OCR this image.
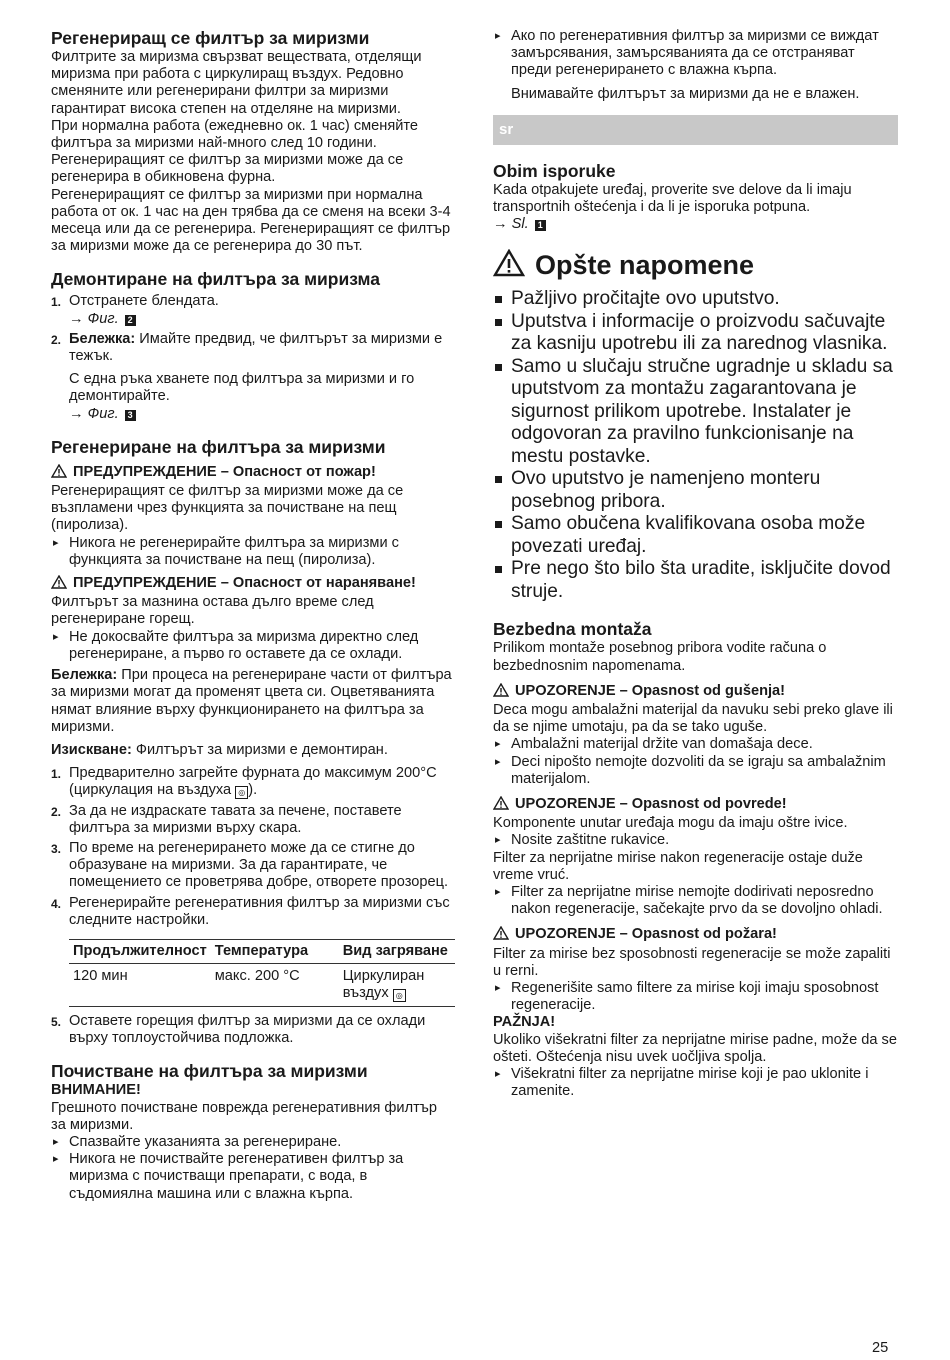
Регенериращ се филтър за миризми

Филтрите за миризма свързват веществата, отделящи миризма при работа с циркулиращ въздух. Редовно сменяните или регенерирани филтри за миризми гарантират висока степен на отделяне на миризми.

При нормална работа (ежедневно ок. 1 час) сменяйте филтъра за миризми най-много след 10 години.

Регенериращият се филтър за миризми може да се регенерира в обикновена фурна.

Регенериращият се филтър за миризми при нормална работа от ок. 1 час на ден трябва да се сменя на всеки 3-4 месеца или да се регенерира. Регенериращият се филтър за миризми може да се регенерира до 30 път.

Демонтиране на филтъра за миризма
1. Отстранете блендата.
→ Фиг. 2
2. Бележка: Имайте предвид, че филтърът за миризми е тежък.

С една ръка хванете под филтъра за миризми и го демонтирайте.

→ Фиг. 3
Регенериране на филтъра за миризми
ПРЕДУПРЕЖДЕНИЕ – Опасност от пожар!

Регенериращият се филтър за миризми може да се възпламени чрез функцията за почистване на пещ (пиролиза).

▸ Никога не регенерирайте филтъра за миризми с функцията за почистване на пещ (пиролиза).
ПРЕДУПРЕЖДЕНИЕ – Опасност от нараняване!

Филтърът за мазнина остава дълго време след регенериране горещ.

▸ Не докосвайте филтъра за миризма директно след регенериране, а първо го оставете да се охлади.

Бележка: При процеса на регенериране части от филтъра за миризми могат да променят цвета си. Оцветяванията нямат влияние върху функционирането на филтъра за миризми.

Изискване: Филтърът за миризми е демонтиран.

1. Предварително загрейте фурната до максимум 200°C (циркулация на въздуха ◎ ).
2. За да не издраскате тавата за печене, поставете филтъра за миризми върху скара.
3. По време на регенерирането може да се стигне до образуване на миризми. За да гарантирате, че помещението се проветрява добре, отворете прозорец.
4. Регенерирайте регенеративния филтър за миризми със следните настройки.
Продължителност	Температура	Вид загряване
120 мин	макс. 200 °C	Циркулиран въздух ◎
5. Оставете горещия филтър за миризми да се охлади върху топлоустойчива подложка.
Почистване на филтъра за миризми

ВНИМАНИЕ!

Грешното почистване поврежда регенеративния филтър за миризми.

▸ Спазвайте указанията за регенериране.
▸ Никога не почиствайте регенеративен филтър за миризма с почистващи препарати, с вода, в съдомиялна машина или с влажна кърпа.
▸ Ако по регенеративния филтър за миризми се виждат замърсявания, замърсяванията да се отстраняват преди регенерирането с влажна кърпа.

Внимавайте филтърът за миризми да не е влажен.

sr
Obim isporuke

Kada otpakujete uređaj, proverite sve delove da li imaju transportnih oštećenja i da li je isporuka potpuna.

→ Sl. 1

Opšte napomene
Pažljivo pročitajte ovo uputstvo.
Uputstva i informacije o proizvodu sačuvajte za kasniju upotrebu ili za narednog vlasnika.
Samo u slučaju stručne ugradnje u skladu sa uputstvom za montažu zagarantovana je sigurnost prilikom upotrebe. Instalater je odgovoran za pravilno funkcionisanje na mestu postavke.
Ovo uputstvo je namenjeno monteru posebnog pribora.
Samo obučena kvalifikovana osoba može povezati uređaj.
Pre nego što bilo šta uradite, isključite dovod struje.
Bezbedna montaža

Prilikom montaže posebnog pribora vodite računa o bezbednosnim napomenama.

UPOZORENJE – Opasnost od gušenja!

Deca mogu ambalažni materijal da navuku sebi preko glave ili da se njime umotaju, pa da se tako uguše.

▸ Ambalažni materijal držite van domašaja dece.
▸ Deci nipošto nemojte dozvoliti da se igraju sa ambalažnim materijalom.
UPOZORENJE – Opasnost od povrede!

Komponente unutar uređaja mogu da imaju oštre ivice.

▸ Nosite zaštitne rukavice.

Filter za neprijatne mirise nakon regeneracije ostaje duže vreme vruć.

▸ Filter za neprijatne mirise nemojte dodirivati neposredno nakon regeneracije, sačekajte prvo da se dovoljno ohladi.
UPOZORENJE – Opasnost od požara!

Filter za mirise bez sposobnosti regeneracije se može zapaliti u rerni.

▸ Regenerišite samo filtere za mirise koji imaju sposobnost regeneracije.

PAŽNJA!

Ukoliko višekratni filter za neprijatne mirise padne, može da se ošteti. Oštećenja nisu uvek uočljiva spolja.

▸ Višekratni filter za neprijatne mirise koji je pao uklonite i zamenite.
25
